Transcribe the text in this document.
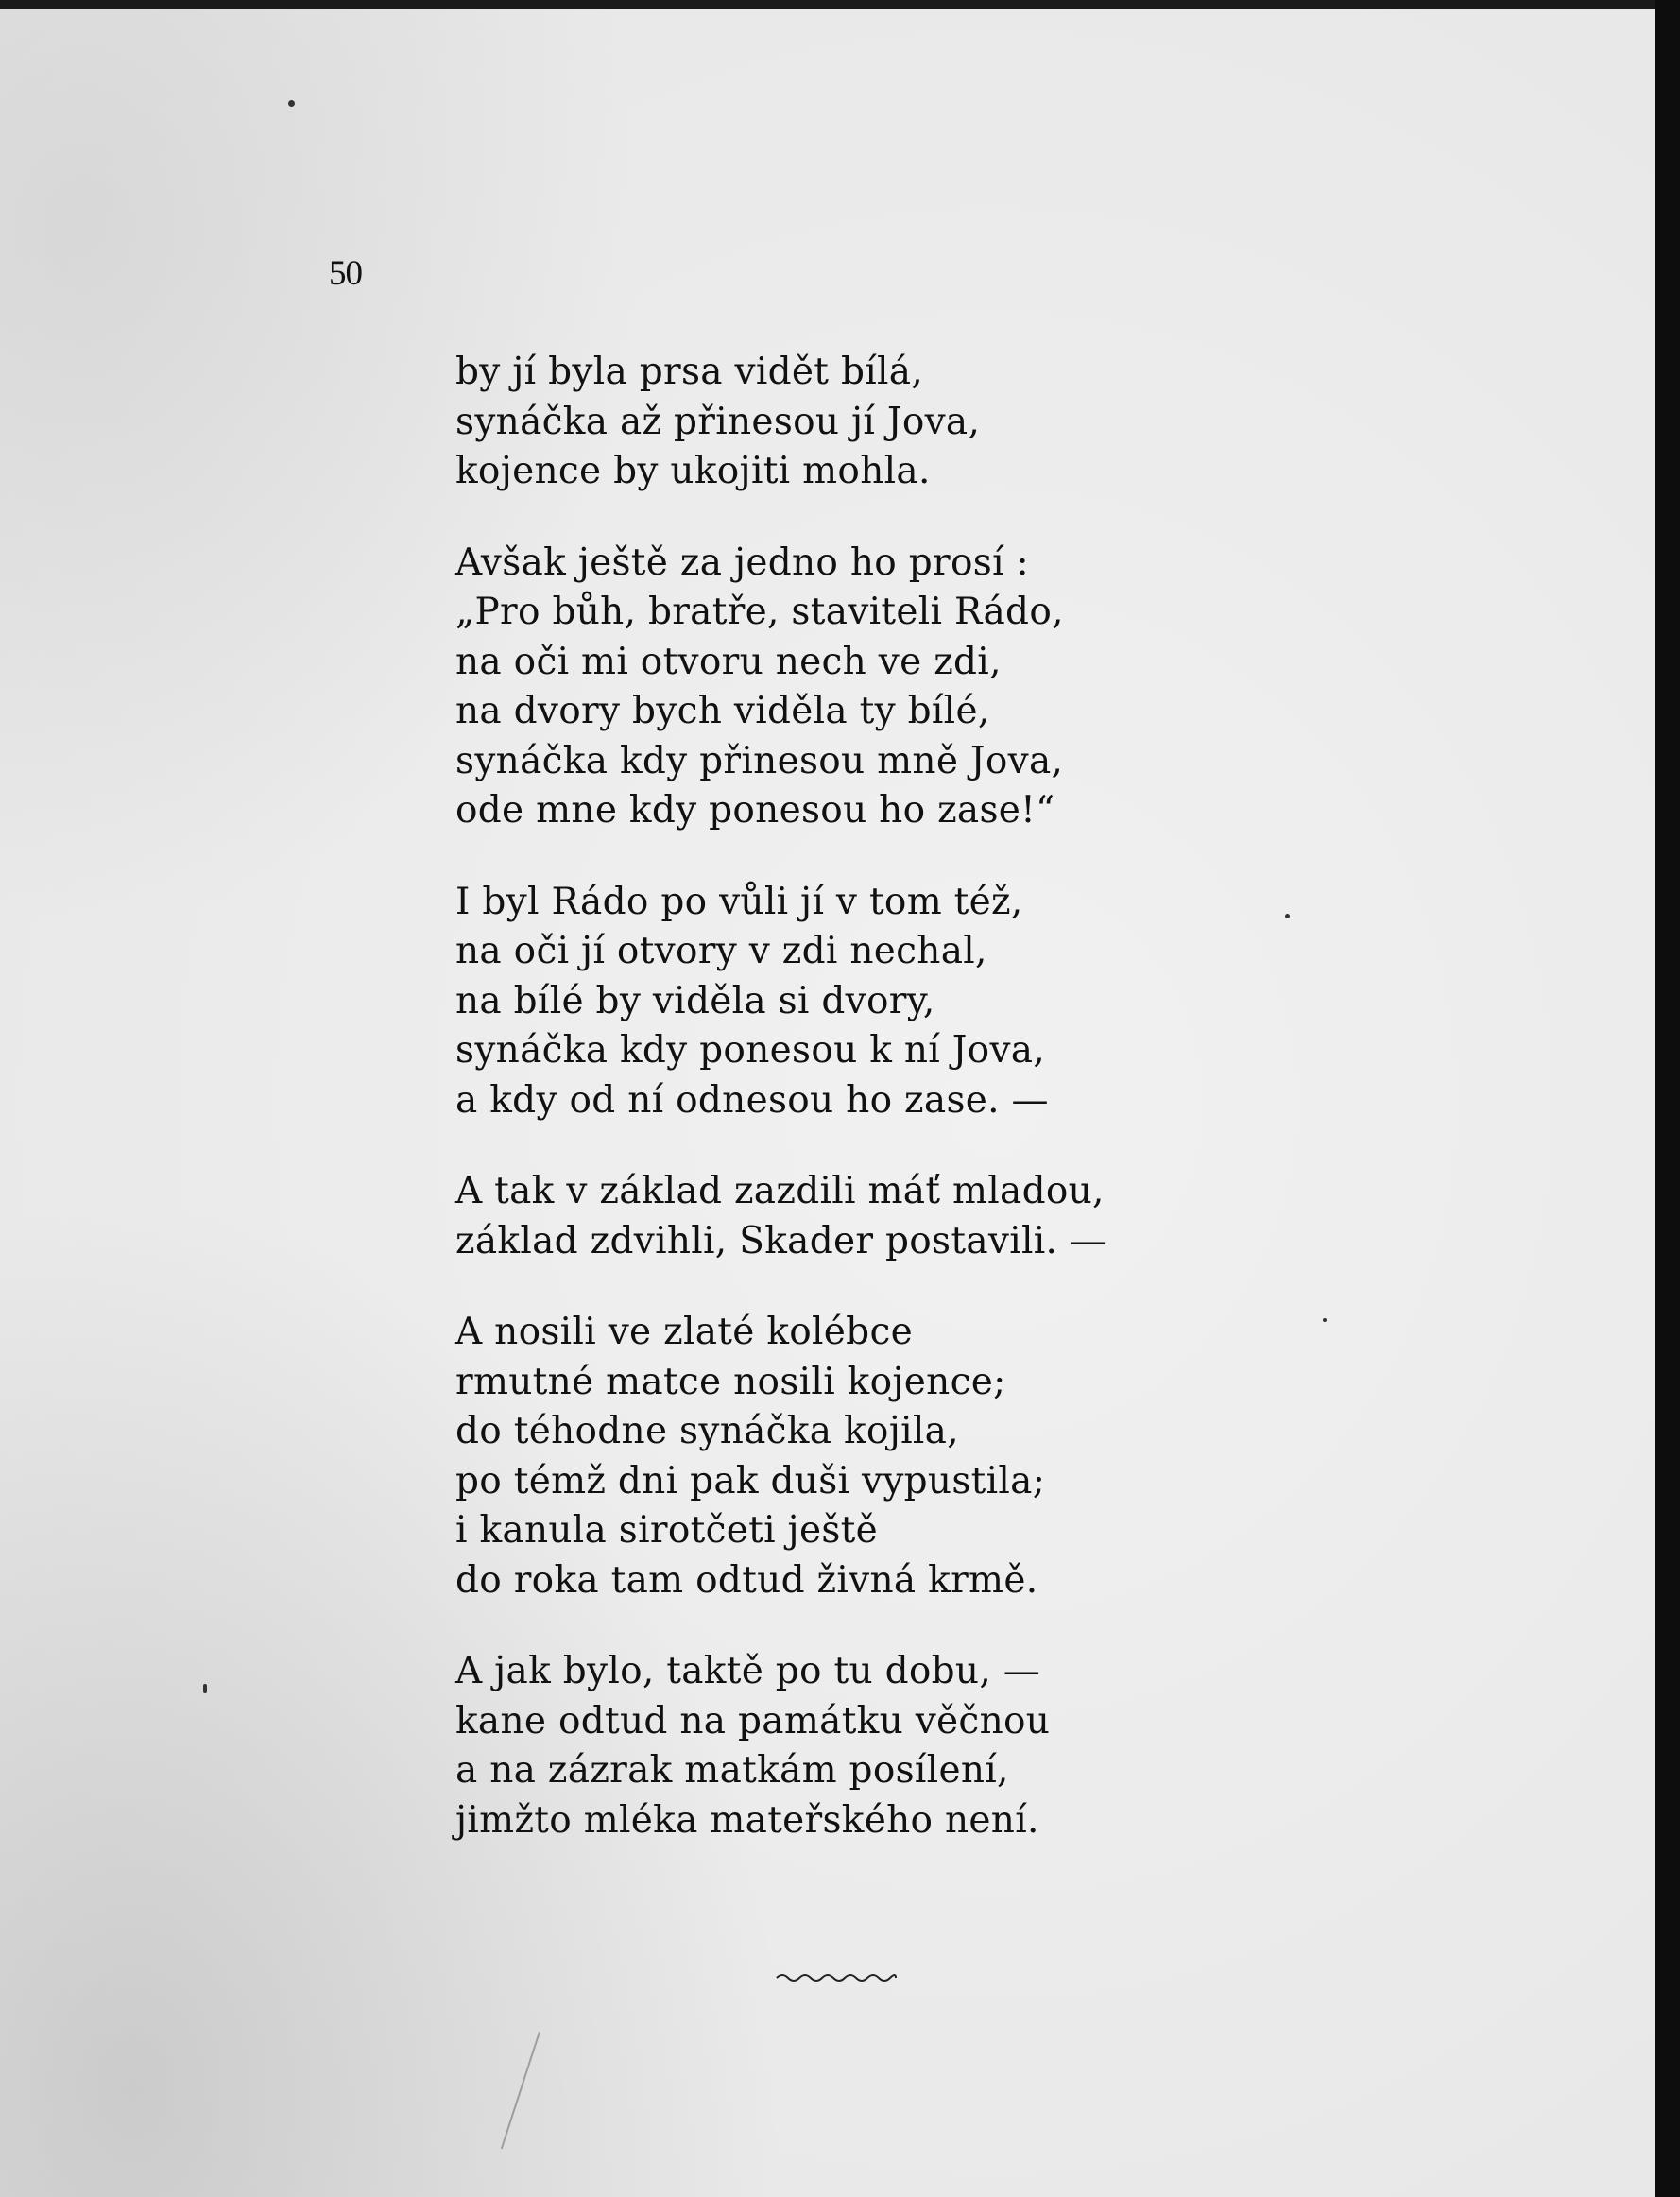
50
by jí byla prsa vidět bílá,
synáčka až přinesou jí Jova,
kojence by ukojiti mohla.
Avšak ještě za jedno ho prosí :
„Pro bůh, bratře, staviteli Rádo,
na oči mi otvoru nech ve zdi,
na dvory bych viděla ty bílé,
synáčka kdy přinesou mně Jova,
ode mne kdy ponesou ho zase!“
I byl Rádo po vůli jí v tom též,
na oči jí otvory v zdi nechal,
na bílé by viděla si dvory,
synáčka kdy ponesou k ní Jova,
a kdy od ní odnesou ho zase. —
A tak v základ zazdili máť mladou,
základ zdvihli, Skader postavili. —
A nosili ve zlaté kolébce
rmutné matce nosili kojence;
do téhodne synáčka kojila,
po témž dni pak duši vypustila;
i kanula sirotčeti ještě
do roka tam odtud živná krmě.
A jak bylo, taktě po tu dobu, —
kane odtud na památku věčnou
a na zázrak matkám posílení,
jimžto mléka mateřského není.
